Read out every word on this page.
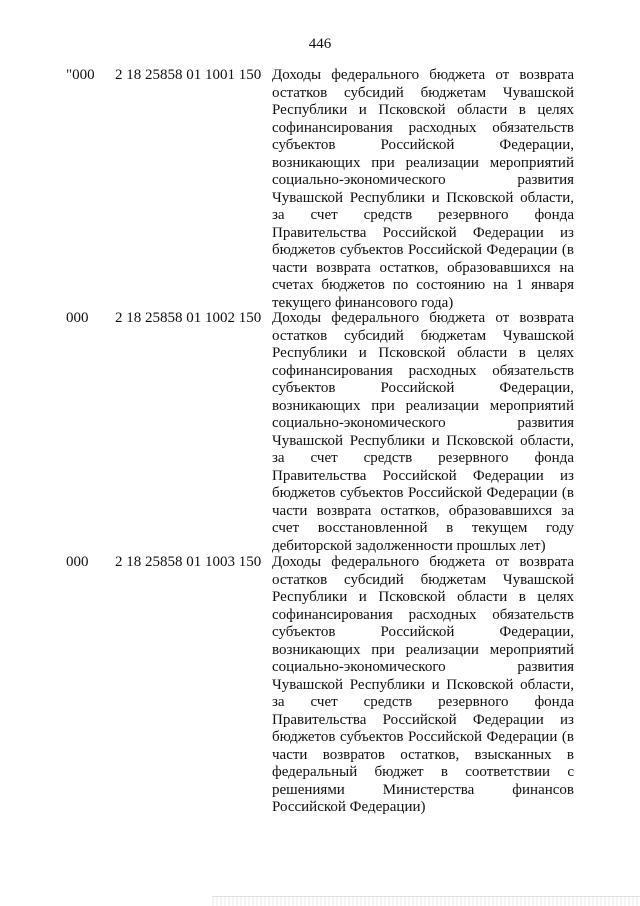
446
"000	2 18 25858 01 1001 150 Доходы федерального бюджета от возврата
остатков субсидий бюджетам Чувашской
Республики и Псковской области в целях
софинансирования расходных обязательств
субъектов Российской Федерации,
возникающих при реализации мероприятий
социально-экономического развития
Чувашской Республики и Псковской области,
за счет средств резервного фонда
Правительства Российской Федерации из
бюджетов субъектов Российской Федерации (в
части возврата остатков, образовавшихся на
счетах бюджетов по состоянию на 1 января
текущего финансового года)
000	2 18 25858 01 1002 150 Доходы федерального бюджета от возврата
остатков субсидий бюджетам Чувашской
Республики и Псковской области в целях
софинансирования расходных обязательств
субъектов Российской Федерации,
возникающих при реализации мероприятий
социально-экономического развития
Чувашской Республики и Псковской области,
за счет средств резервного фонда
Правительства Российской Федерации из
бюджетов субъектов Российской Федерации (в
части возврата остатков, образовавшихся за
счет восстановленной в текущем году
дебиторской задолженности прошлых лет)
000	2 18 25858 01 1003 150 Доходы федерального бюджета от возврата
остатков субсидий бюджетам Чувашской
Республики и Псковской области в целях
софинансирования расходных обязательств
субъектов Российской Федерации,
возникающих при реализации мероприятий
социально-экономического развития
Чувашской Республики и Псковской области,
за счет средств резервного фонда
Правительства Российской Федерации из
бюджетов субъектов Российской Федерации (в
части возвратов остатков, взысканных в
федеральный бюджет в соответствии с
решениями Министерства финансов
Российской Федерации)
